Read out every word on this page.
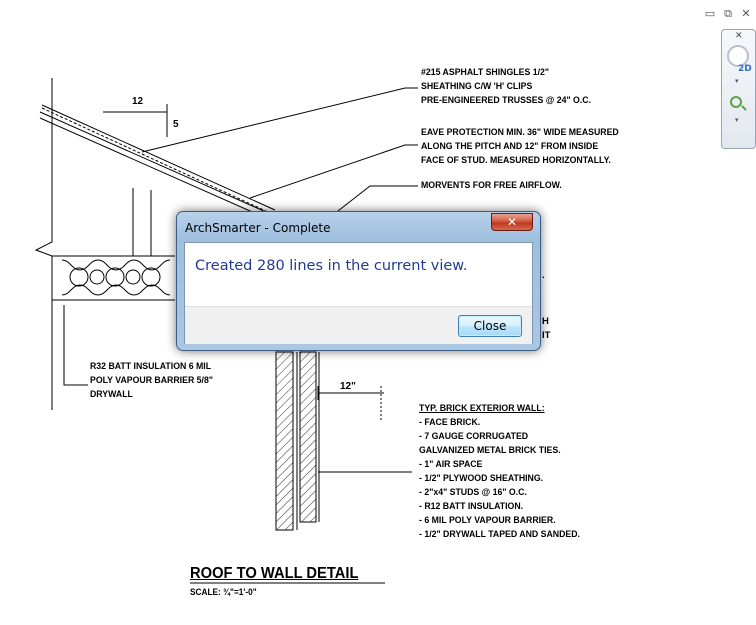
#215 ASPHALT SHINGLES 1/2"
SHEATHING C/W 'H' CLIPS
PRE-ENGINEERED TRUSSES @ 24" O.C.
EAVE PROTECTION MIN. 36" WIDE MEASURED
ALONG THE PITCH AND 12" FROM INSIDE
FACE OF STUD. MEASURED HORIZONTALLY.
MORVENTS FOR FREE AIRFLOW.
R32 BATT INSULATION 6 MIL
POLY VAPOUR BARRIER 5/8"
DRYWALL
TYP. BRICK EXTERIOR WALL:
- FACE BRICK.
- 7 GAUGE CORRUGATED
GALVANIZED METAL BRICK TIES.
- 1" AIR SPACE
- 1/2" PLYWOOD SHEATHING.
- 2"x4" STUDS @ 16" O.C.
- R12 BATT INSULATION.
- 6 MIL POLY VAPOUR BARRIER.
- 1/2" DRYWALL TAPED AND SANDED.
H
IT
.
12
5
12"
ROOF TO WALL DETAIL
SCALE: ¾"=1'-0"
▭ ⧉ ✕
✕
2D
▾
▾
ArchSmarter - Complete	✕
Created 280 lines in the current view.
Close
